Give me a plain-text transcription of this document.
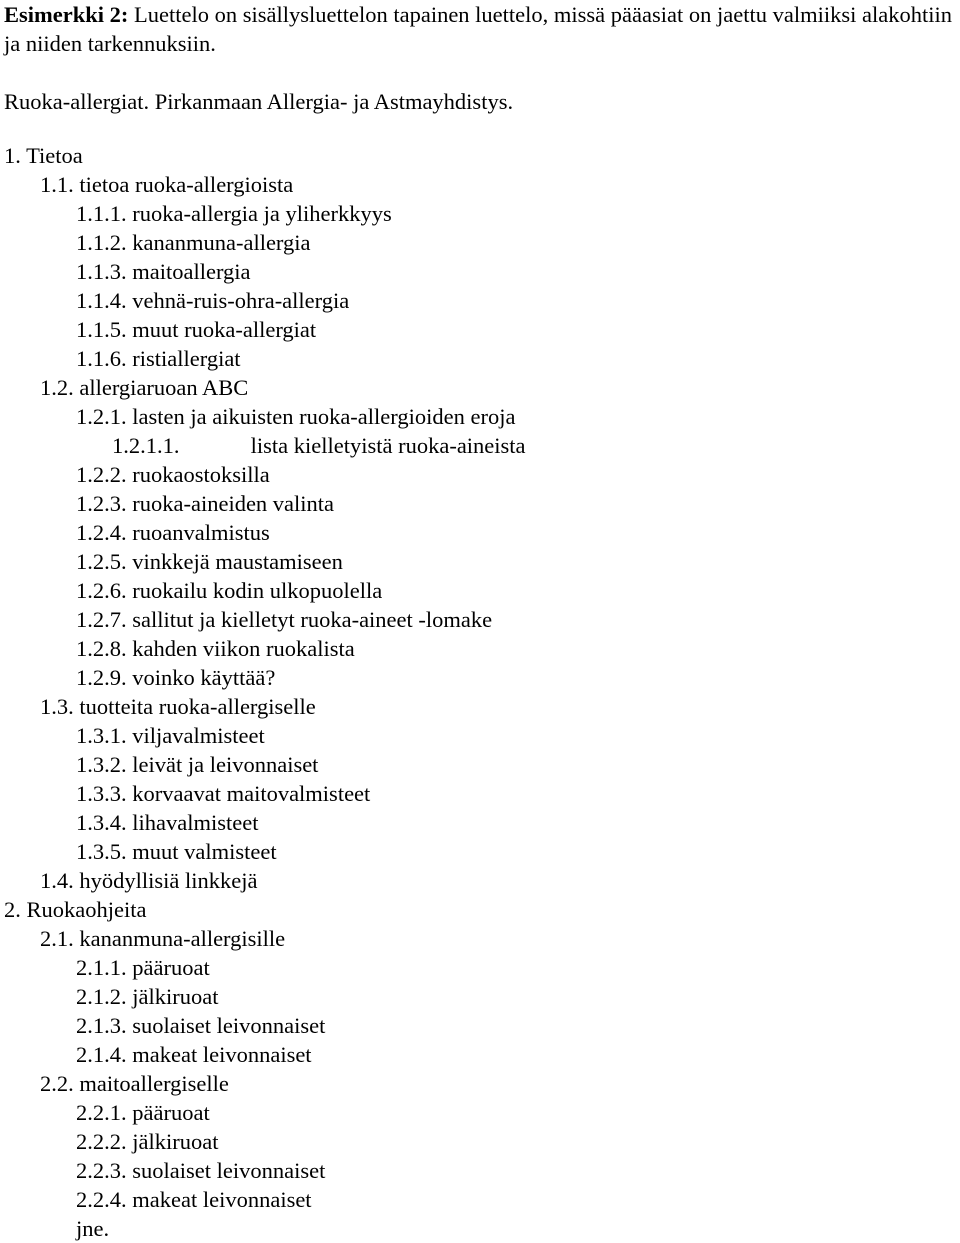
Esimerkki 2: Luettelo on sisällysluettelon tapainen luettelo, missä pääasiat on jaettu valmiiksi alakohtiin ja niiden tarkennuksiin.
Ruoka-allergiat. Pirkanmaan Allergia- ja Astmayhdistys.
1. Tietoa
1.1. tietoa ruoka-allergioista
1.1.1. ruoka-allergia ja yliherkkyys
1.1.2. kananmuna-allergia
1.1.3. maitoallergia
1.1.4. vehnä-ruis-ohra-allergia
1.1.5. muut ruoka-allergiat
1.1.6. ristiallergiat
1.2. allergiaruoan ABC
1.2.1. lasten ja aikuisten ruoka-allergioiden eroja
1.2.1.1.	lista kielletyistä ruoka-aineista
1.2.2. ruokaostoksilla
1.2.3. ruoka-aineiden valinta
1.2.4. ruoanvalmistus
1.2.5. vinkkejä maustamiseen
1.2.6. ruokailu kodin ulkopuolella
1.2.7. sallitut ja kielletyt ruoka-aineet -lomake
1.2.8. kahden viikon ruokalista
1.2.9. voinko käyttää?
1.3. tuotteita ruoka-allergiselle
1.3.1. viljavalmisteet
1.3.2. leivät ja leivonnaiset
1.3.3. korvaavat maitovalmisteet
1.3.4. lihavalmisteet
1.3.5. muut valmisteet
1.4. hyödyllisiä linkkejä
2. Ruokaohjeita
2.1. kananmuna-allergisille
2.1.1. pääruoat
2.1.2. jälkiruoat
2.1.3. suolaiset leivonnaiset
2.1.4. makeat leivonnaiset
2.2. maitoallergiselle
2.2.1. pääruoat
2.2.2. jälkiruoat
2.2.3. suolaiset leivonnaiset
2.2.4. makeat leivonnaiset
jne.
